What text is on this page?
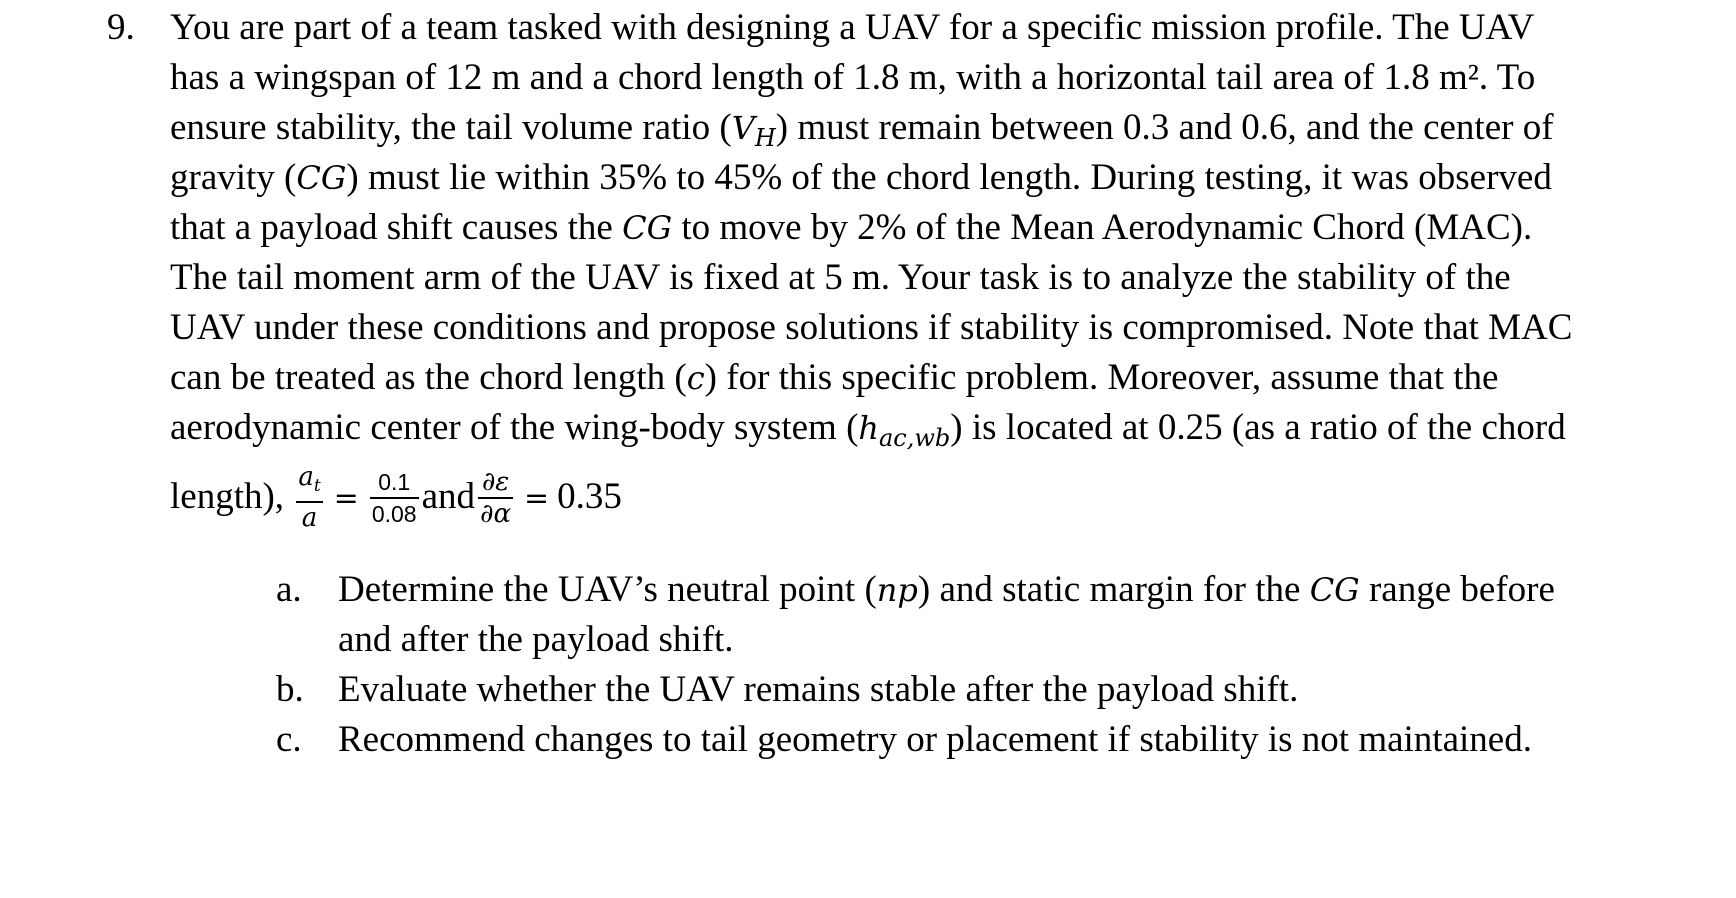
9. You are part of a team tasked with designing a UAV for a specific mission profile. The UAV
has a wingspan of 12 m and a chord length of 1.8 m, with a horizontal tail area of 1.8 m². To
ensure stability, the tail volume ratio (VH) must remain between 0.3 and 0.6, and the center of
gravity (CG) must lie within 35% to 45% of the chord length. During testing, it was observed
that a payload shift causes the CG to move by 2% of the Mean Aerodynamic Chord (MAC).
The tail moment arm of the UAV is fixed at 5 m. Your task is to analyze the stability of the
UAV under these conditions and propose solutions if stability is compromised. Note that MAC
can be treated as the chord length (c) for this specific problem. Moreover, assume that the
aerodynamic center of the wing-body system (hac,wb) is located at 0.25 (as a ratio of the chord
length), $\frac{a_t}{a} = \frac{0.1}{0.08}$ and $\frac{\partial\varepsilon}{\partial\alpha} = 0.35$
a. Determine the UAV’s neutral point (np) and static margin for the CG range before
and after the payload shift.
b. Evaluate whether the UAV remains stable after the payload shift.
c. Recommend changes to tail geometry or placement if stability is not maintained.
